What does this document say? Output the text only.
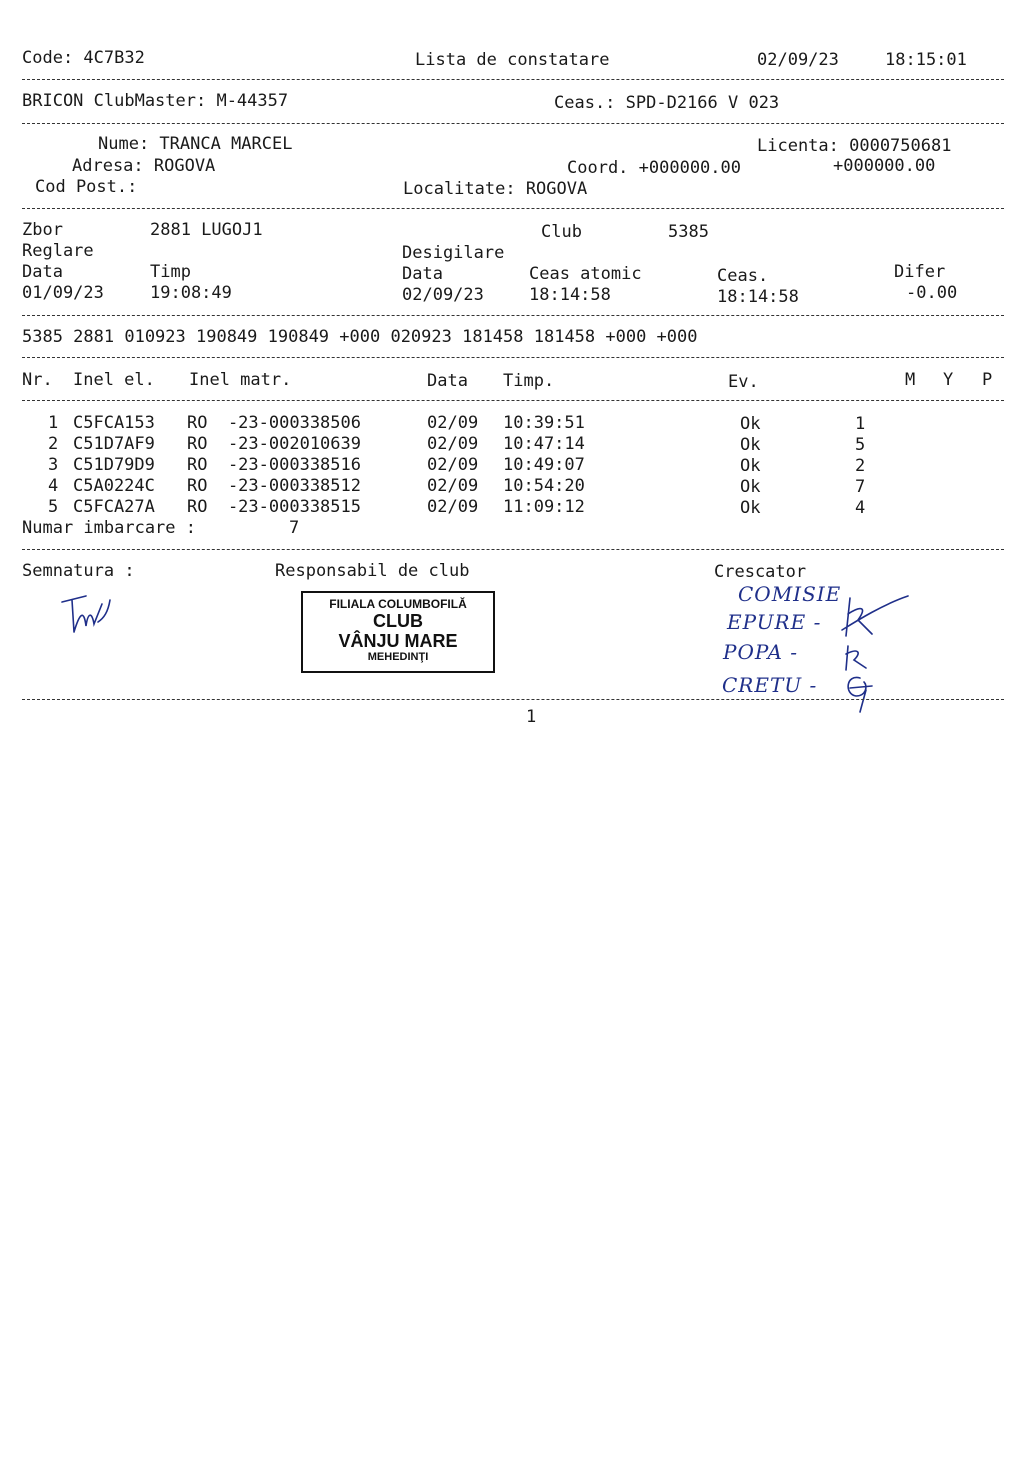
Code: 4C7B32	Lista de constatare	02/09/23	18:15:01
BRICON ClubMaster: M-44357	Ceas.: SPD-D2166 V 023
Nume: TRANCA MARCEL	Licenta: 0000750681
Adresa: ROGOVA	Coord. +000000.00	+000000.00
Cod Post.:	Localitate: ROGOVA
Zbor	2881 LUGOJ1	Club	5385
Reglare	Desigilare
Data	Timp	Data	Ceas atomic	Ceas.	Difer
01/09/23	19:08:49	02/09/23	18:14:58	18:14:58	-0.00
5385 2881 010923 190849 190849 +000 020923 181458 181458 +000 +000
Nr. Inel el. Inel matr.	Data Timp.	Ev.	M Y P
1 C5FCA153 RO  -23-000338506	02/09 10:39:51	Ok	1
2 C51D7AF9 RO  -23-002010639	02/09 10:47:14	Ok	5
3 C51D79D9 RO  -23-000338516	02/09 10:49:07	Ok	2
4 C5A0224C RO  -23-000338512	02/09 10:54:20	Ok	7
5 C5FCA27A RO  -23-000338515	02/09 11:09:12	Ok	4
Numar imbarcare :	7
Semnatura :	Responsabil de club	Crescator
FILIALA COLUMBOFILĂ
CLUB
VÂNJU MARE
MEHEDINŢI
COMISIE
EPURE -
POPA -
CRETU -
1
